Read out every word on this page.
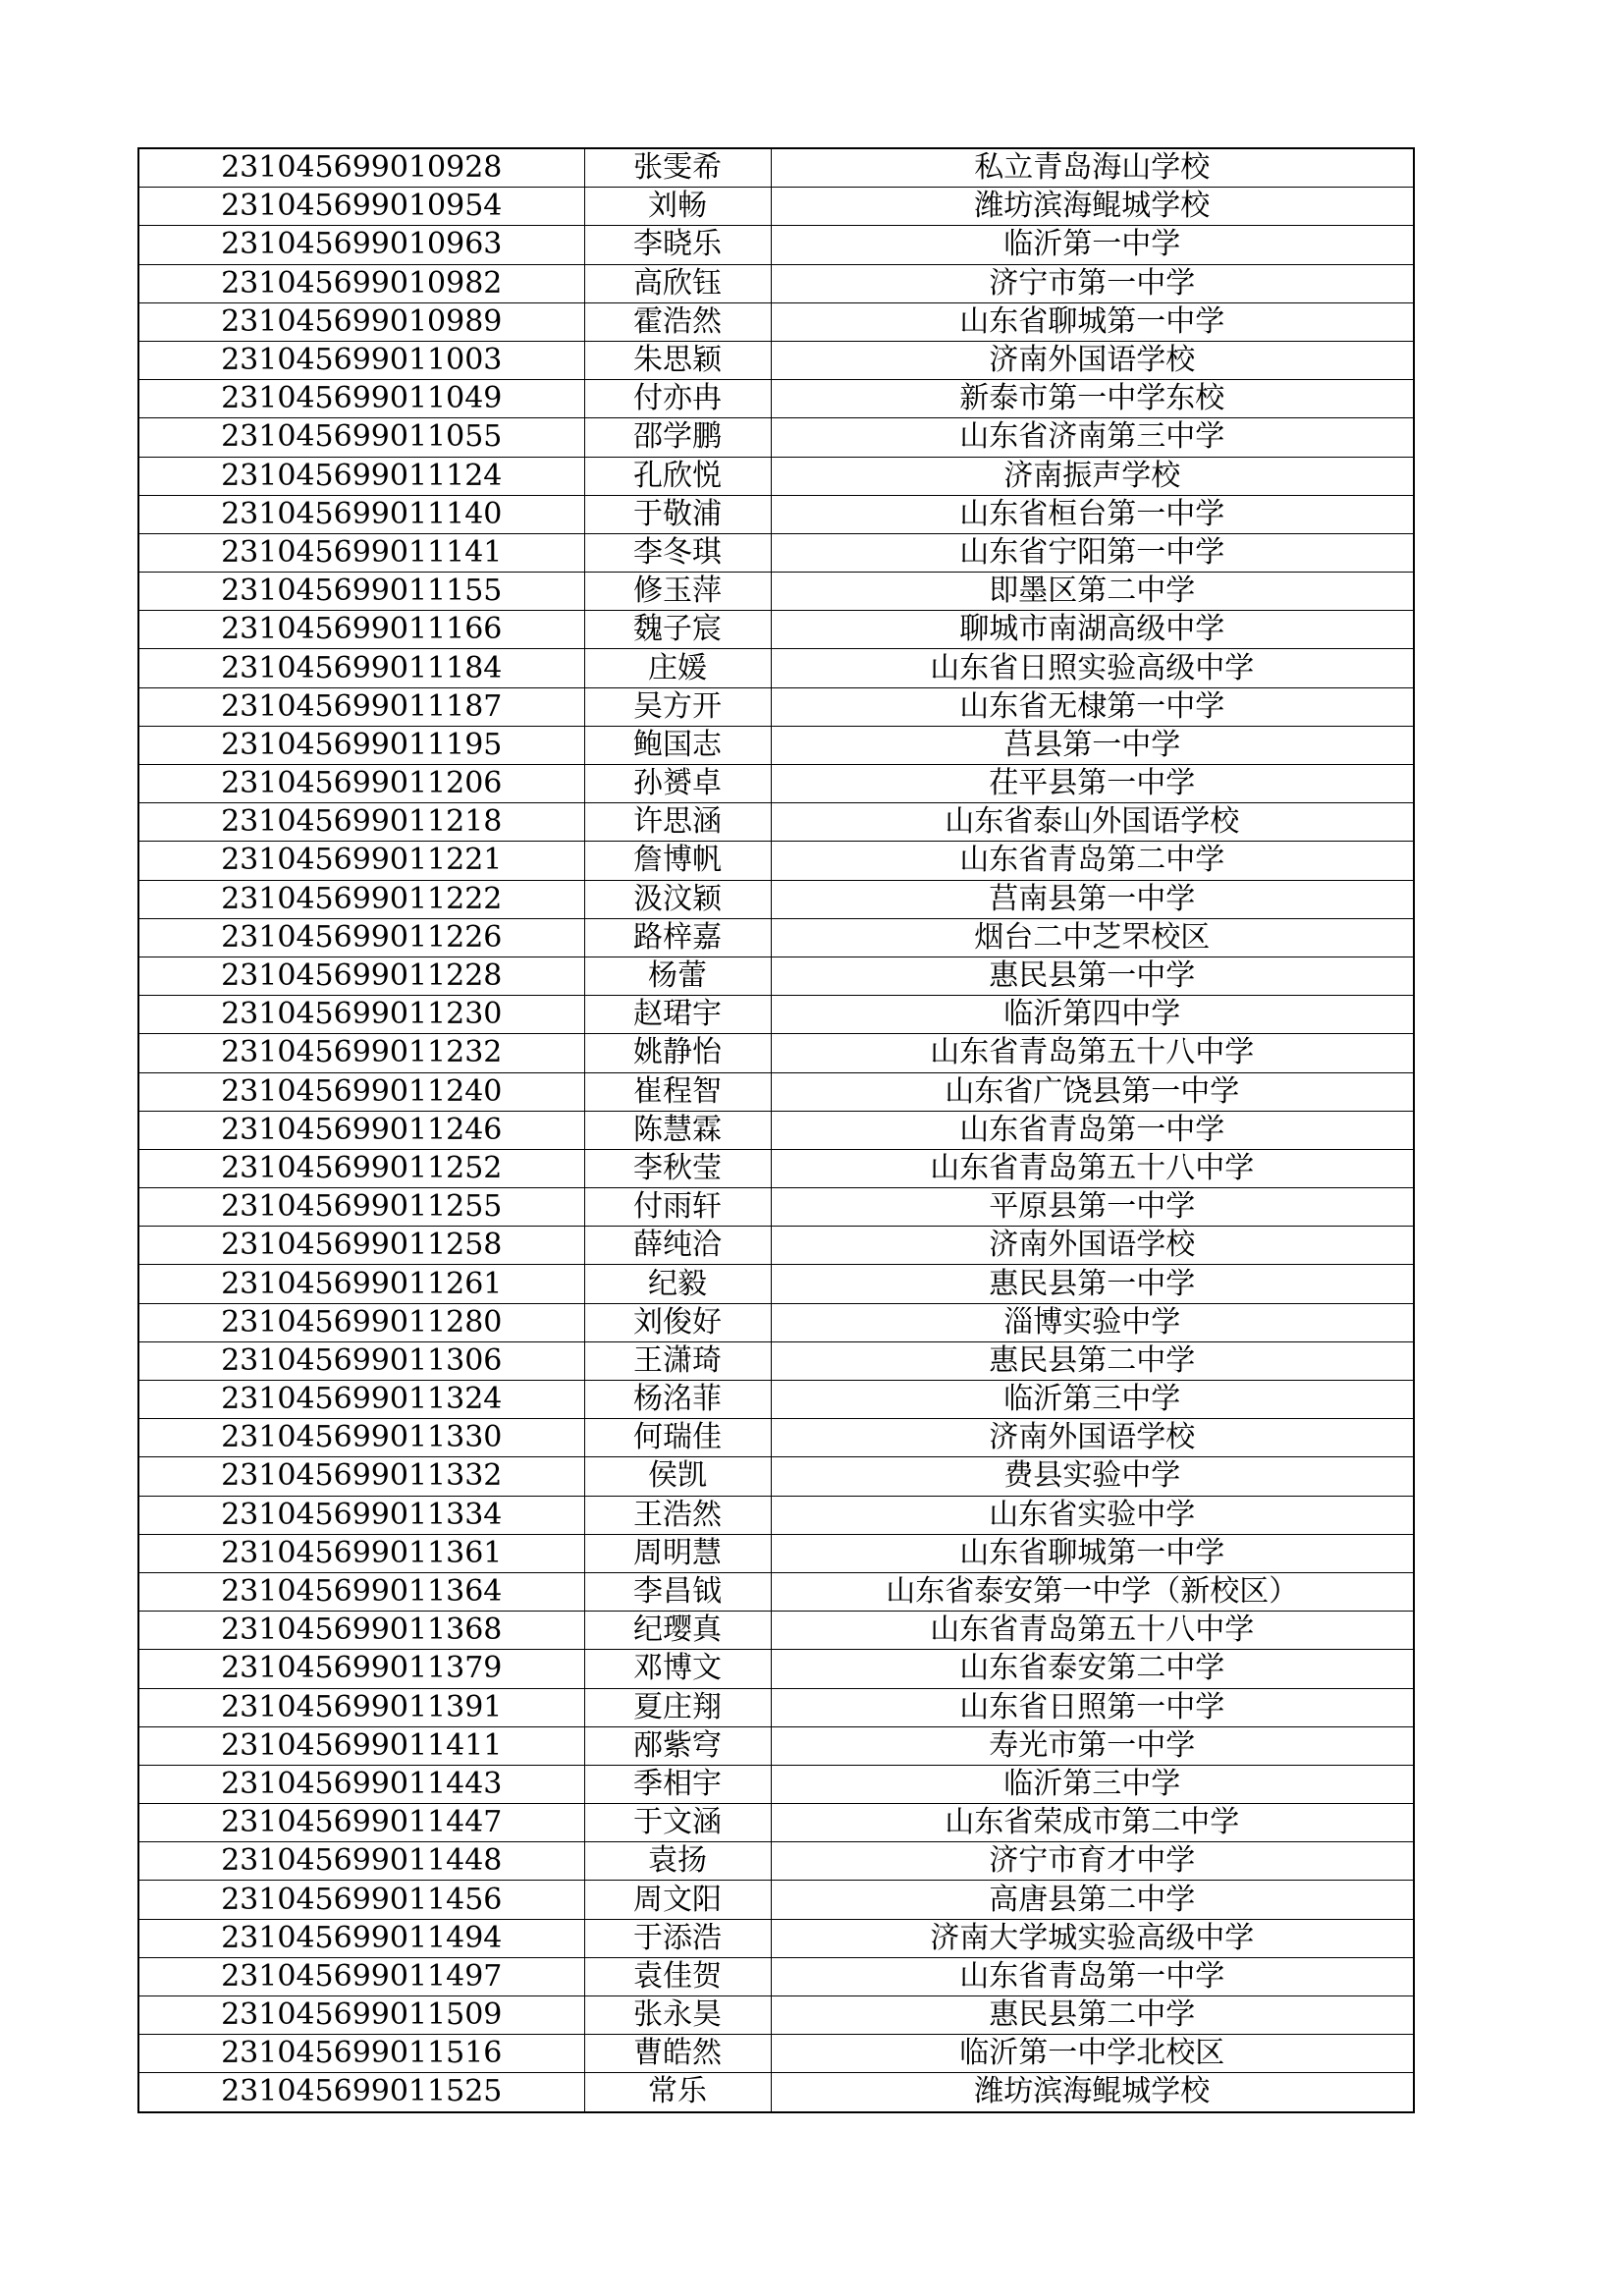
231045699010928	张雯希	私立青岛海山学校
231045699010954	刘畅	潍坊滨海鲲城学校
231045699010963	李晓乐	临沂第一中学
231045699010982	高欣钰	济宁市第一中学
231045699010989	霍浩然	山东省聊城第一中学
231045699011003	朱思颖	济南外国语学校
231045699011049	付亦冉	新泰市第一中学东校
231045699011055	邵学鹏	山东省济南第三中学
231045699011124	孔欣悦	济南振声学校
231045699011140	于敬浦	山东省桓台第一中学
231045699011141	李冬琪	山东省宁阳第一中学
231045699011155	修玉萍	即墨区第二中学
231045699011166	魏子宸	聊城市南湖高级中学
231045699011184	庄媛	山东省日照实验高级中学
231045699011187	吴方开	山东省无棣第一中学
231045699011195	鲍国志	莒县第一中学
231045699011206	孙赟卓	茌平县第一中学
231045699011218	许思涵	山东省泰山外国语学校
231045699011221	詹博帆	山东省青岛第二中学
231045699011222	汲汶颖	莒南县第一中学
231045699011226	路梓嘉	烟台二中芝罘校区
231045699011228	杨蕾	惠民县第一中学
231045699011230	赵珺宇	临沂第四中学
231045699011232	姚静怡	山东省青岛第五十八中学
231045699011240	崔程智	山东省广饶县第一中学
231045699011246	陈慧霖	山东省青岛第一中学
231045699011252	李秋莹	山东省青岛第五十八中学
231045699011255	付雨轩	平原县第一中学
231045699011258	薛纯洽	济南外国语学校
231045699011261	纪毅	惠民县第一中学
231045699011280	刘俊好	淄博实验中学
231045699011306	王潇琦	惠民县第二中学
231045699011324	杨洺菲	临沂第三中学
231045699011330	何瑞佳	济南外国语学校
231045699011332	侯凯	费县实验中学
231045699011334	王浩然	山东省实验中学
231045699011361	周明慧	山东省聊城第一中学
231045699011364	李昌钺	山东省泰安第一中学（新校区）
231045699011368	纪璎真	山东省青岛第五十八中学
231045699011379	邓博文	山东省泰安第二中学
231045699011391	夏庄翔	山东省日照第一中学
231045699011411	邴紫穹	寿光市第一中学
231045699011443	季相宇	临沂第三中学
231045699011447	于文涵	山东省荣成市第二中学
231045699011448	袁扬	济宁市育才中学
231045699011456	周文阳	高唐县第二中学
231045699011494	于添浩	济南大学城实验高级中学
231045699011497	袁佳贺	山东省青岛第一中学
231045699011509	张永昊	惠民县第二中学
231045699011516	曹皓然	临沂第一中学北校区
231045699011525	常乐	潍坊滨海鲲城学校
